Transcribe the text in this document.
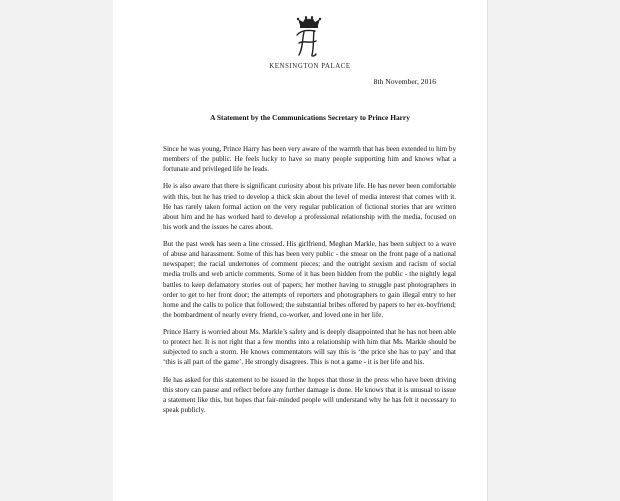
KENSINGTON PALACE
8th November, 2016
A Statement by the Communications Secretary to Prince Harry

Since he was young, Prince Harry has been very aware of the warmth that has been extended to him by members of the public. He feels lucky to have so many people supporting him and knows what a fortunate and privileged life he leads.

He is also aware that there is significant curiosity about his private life. He has never been comfortable with this, but he has tried to develop a thick skin about the level of media interest that comes with it. He has rarely taken formal action on the very regular publication of fictional stories that are written about him and he has worked hard to develop a professional relationship with the media, focused on his work and the issues he cares about.

But the past week has seen a line crossed. His girlfriend, Meghan Markle, has been subject to a wave of abuse and harassment. Some of this has been very public - the smear on the front page of a national newspaper; the racial undertones of comment pieces; and the outright sexism and racism of social media trolls and web article comments. Some of it has been hidden from the public - the nightly legal battles to keep defamatory stories out of papers; her mother having to struggle past photographers in order to get to her front door; the attempts of reporters and photographers to gain illegal entry to her home and the calls to police that followed; the substantial bribes offered by papers to her ex-boyfriend; the bombardment of nearly every friend, co-worker, and loved one in her life.

Prince Harry is worried about Ms. Markle’s safety and is deeply disappointed that he has not been able to protect her. It is not right that a few months into a relationship with him that Ms. Markle should be subjected to such a storm. He knows commentators will say this is ‘the price she has to pay’ and that ‘this is all part of the game’. He strongly disagrees. This is not a game - it is her life and his.

He has asked for this statement to be issued in the hopes that those in the press who have been driving this story can pause and reflect before any further damage is done. He knows that it is unusual to issue a statement like this, but hopes that fair-minded people will understand why he has felt it necessary to speak publicly.
